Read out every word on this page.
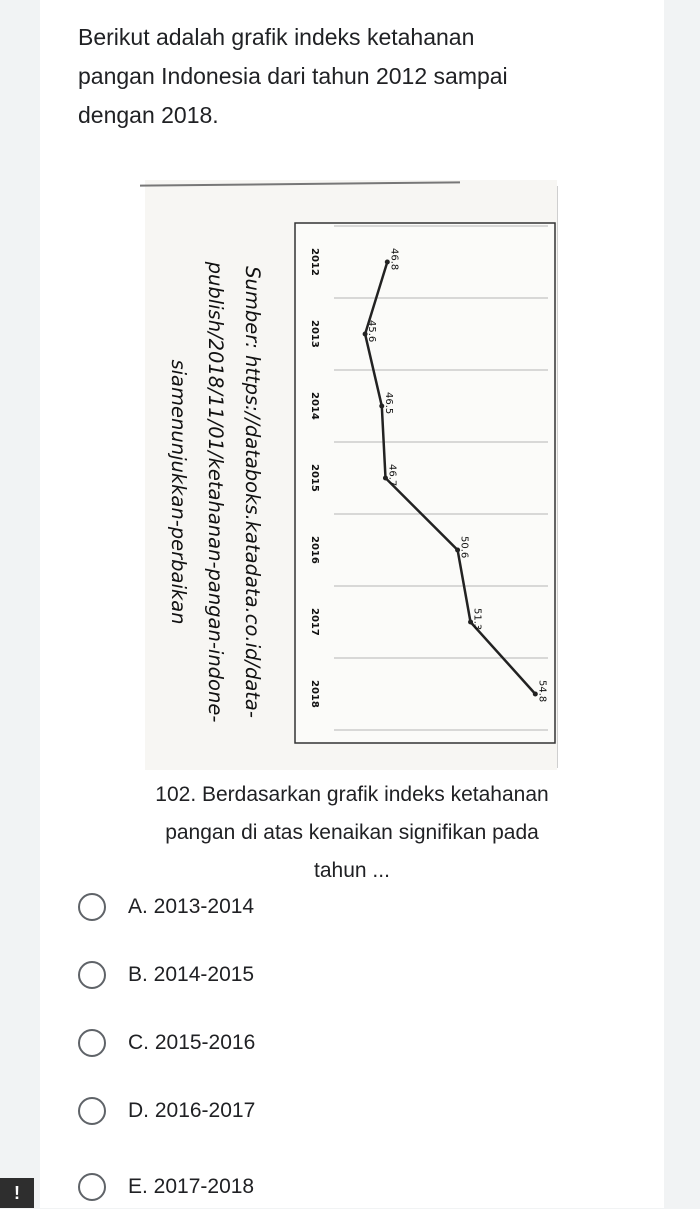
Berikut adalah grafik indeks ketahanan pangan Indonesia dari tahun 2012 sampai dengan 2018.

46.8
45.6
46.5
46.7
50.6
51.3
54.8
2012
2013
2014
2015
2016
2017
2018
Sumber: https://databoks.katadata.co.id/data-
publish/2018/11/01/ketahanan-pangan-indone-
siamenunjukkan-perbaikan

102. Berdasarkan grafik indeks ketahanan pangan di atas kenaikan signifikan pada tahun ...

A. 2013-2014
B. 2014-2015
C. 2015-2016
D. 2016-2017
E. 2017-2018
!
